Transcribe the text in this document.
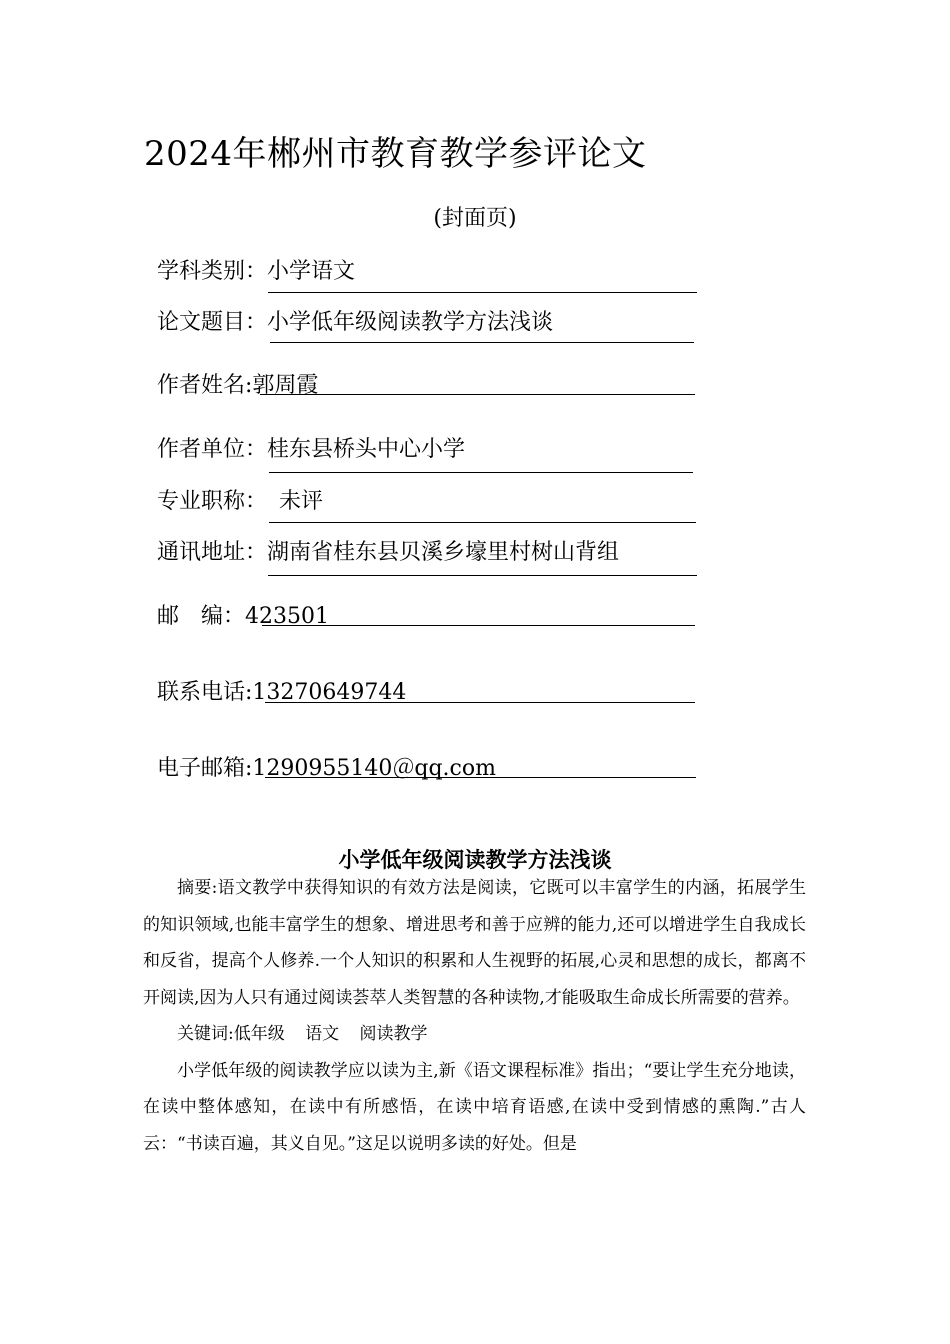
2024年郴州市教育教学参评论文
(封面页)
学科类别：小学语文
论文题目：小学低年级阅读教学方法浅谈
作者姓名:郭周霞
作者单位：桂东县桥头中心小学
专业职称： 未评
通讯地址：湖南省桂东县贝溪乡壕里村树山背组
邮　编：423501
联系电话:13270649744
电子邮箱:1290955140＠qq.com
小学低年级阅读教学方法浅谈

摘要:语文教学中获得知识的有效方法是阅读，它既可以丰富学生的内涵，拓展学生的知识领域,也能丰富学生的想象、增进思考和善于应辨的能力,还可以增进学生自我成长和反省，提高个人修养.一个人知识的积累和人生视野的拓展,心灵和思想的成长，都离不开阅读,因为人只有通过阅读荟萃人类智慧的各种读物,才能吸取生命成长所需要的营养。

关键词:低年级 语文 阅读教学

小学低年级的阅读教学应以读为主,新《语文课程标准》指出；“要让学生充分地读，在读中整体感知，在读中有所感悟，在读中培育语感,在读中受到情感的熏陶.”古人云：“书读百遍，其义自见。”这足以说明多读的好处。但是
